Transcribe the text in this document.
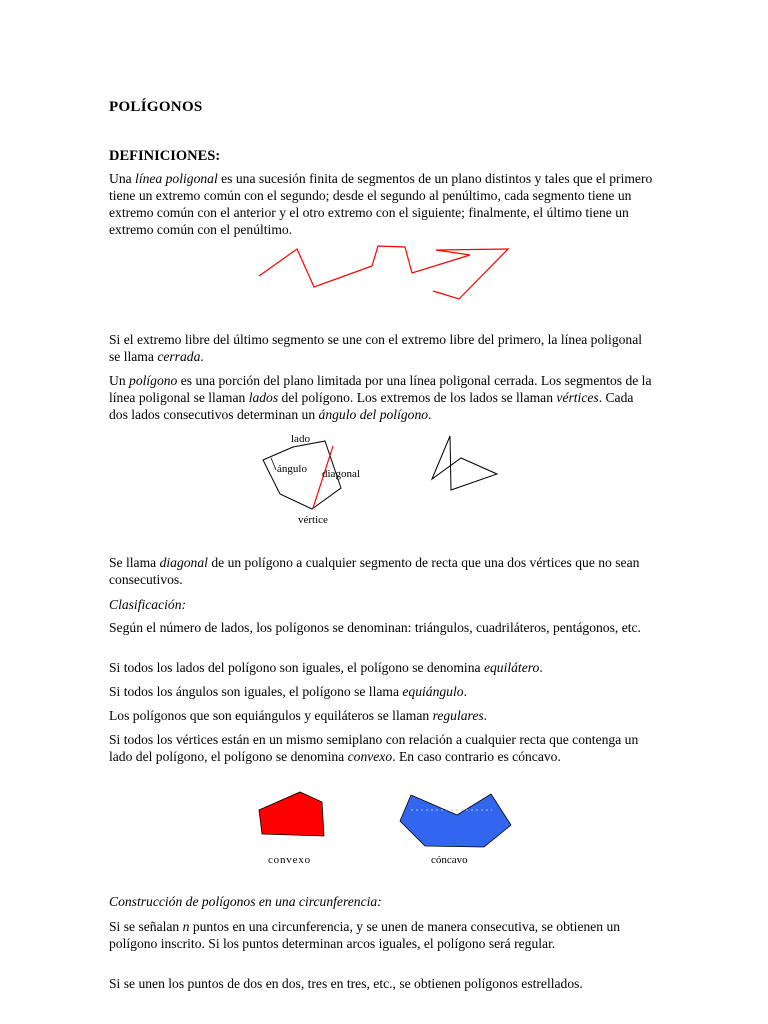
POLÍGONOS
DEFINICIONES:
Una línea poligonal es una sucesión finita de segmentos de un plano distintos y tales que el primero tiene un extremo común con el segundo; desde el segundo al penúltimo, cada segmento tiene un extremo común con el anterior y el otro extremo con el siguiente; finalmente, el último tiene un extremo común con el penúltimo.
Si el extremo libre del último segmento se une con el extremo libre del primero, la línea poligonal se llama cerrada.
Un polígono es una porción del plano limitada por una línea poligonal cerrada. Los segmentos de la línea poligonal se llaman lados del polígono. Los extremos de los lados se llaman vértices. Cada dos lados consecutivos determinan un ángulo del polígono.
lado
ángulo diagonal
vértice
Se llama diagonal de un polígono a cualquier segmento de recta que una dos vértices que no sean consecutivos.
Clasificación:
Según el número de lados, los polígonos se denominan: triángulos, cuadriláteros, pentágonos, etc.
Si todos los lados del polígono son iguales, el polígono se denomina equilátero.
Si todos los ángulos son iguales, el polígono se llama equiángulo.
Los polígonos que son equiángulos y equiláteros se llaman regulares.
Si todos los vértices están en un mismo semiplano con relación a cualquier recta que contenga un lado del polígono, el polígono se denomina convexo. En caso contrario es cóncavo.
convexo	cóncavo
Construcción de polígonos en una circunferencia:
Si se señalan n puntos en una circunferencia, y se unen de manera consecutiva, se obtienen un polígono inscrito. Si los puntos determinan arcos iguales, el polígono será regular.
Si se unen los puntos de dos en dos, tres en tres, etc., se obtienen polígonos estrellados.
